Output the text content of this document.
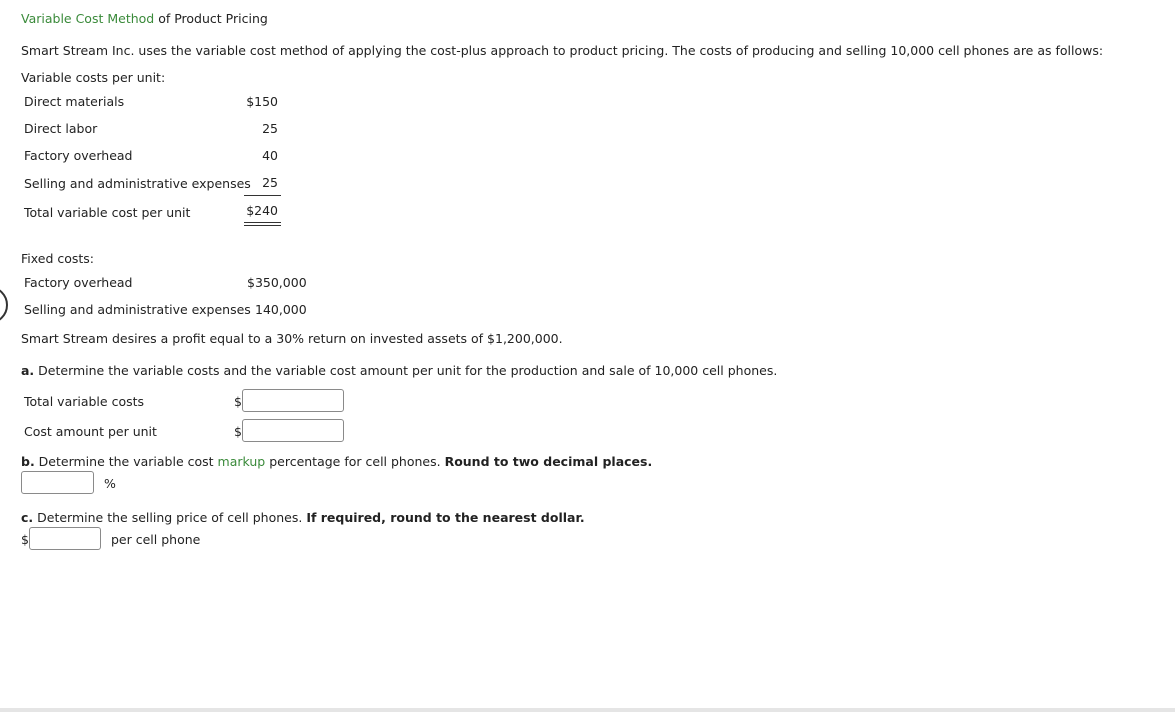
Variable Cost Method of Product Pricing
Smart Stream Inc. uses the variable cost method of applying the cost-plus approach to product pricing. The costs of producing and selling 10,000 cell phones are as follows:
Variable costs per unit:
Direct materials	$150
Direct labor	25
Factory overhead	40
Selling and administrative expenses 25
Total variable cost per unit	$240
Fixed costs:
Factory overhead	$350,000
Selling and administrative expenses 140,000
Smart Stream desires a profit equal to a 30% return on invested assets of $1,200,000.
a. Determine the variable costs and the variable cost amount per unit for the production and sale of 10,000 cell phones.
Total variable costs	$
Cost amount per unit	$
b. Determine the variable cost markup percentage for cell phones. Round to two decimal places.
%
c. Determine the selling price of cell phones. If required, round to the nearest dollar.
$	per cell phone
